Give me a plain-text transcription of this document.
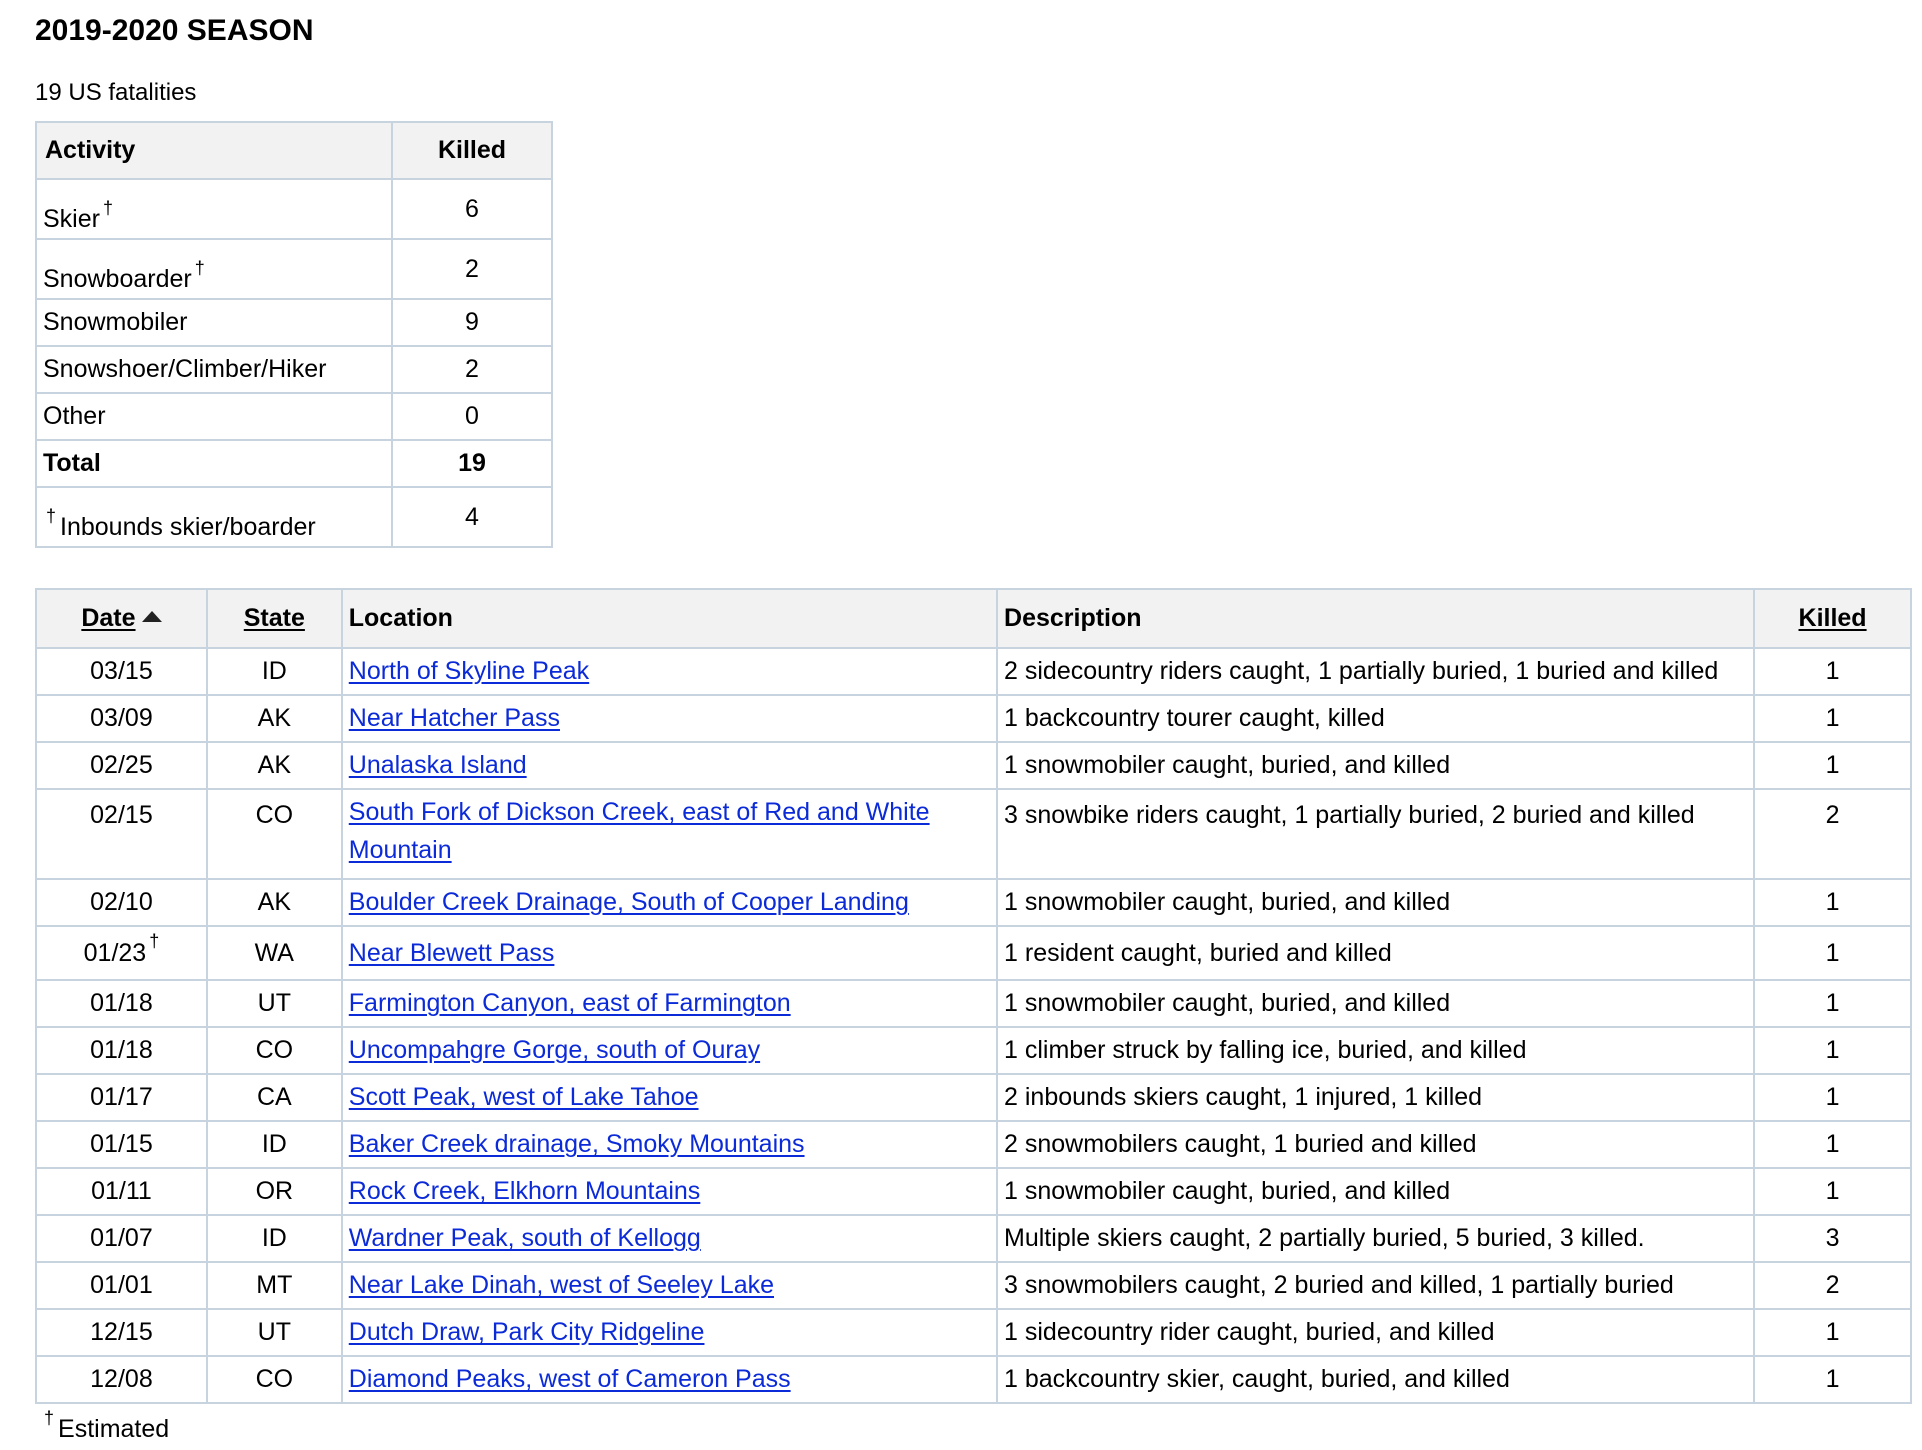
2019-2020 SEASON
19 US fatalities
Activity	Killed
Skier †	6
Snowboarder †	2
Snowmobiler	9
Snowshoer/Climber/Hiker	2
Other	0
Total	19
† Inbounds skier/boarder	4
Date	State	Location	Description	Killed
03/15	ID	North of Skyline Peak	2 sidecountry riders caught, 1 partially buried, 1 buried and killed	1
03/09	AK	Near Hatcher Pass	1 backcountry tourer caught, killed	1
02/25	AK	Unalaska Island	1 snowmobiler caught, buried, and killed	1
02/15	CO	South Fork of Dickson Creek, east of Red and White
Mountain	3 snowbike riders caught, 1 partially buried, 2 buried and killed	2
02/10	AK	Boulder Creek Drainage, South of Cooper Landing	1 snowmobiler caught, buried, and killed	1
01/23 †	WA	Near Blewett Pass	1 resident caught, buried and killed	1
01/18	UT	Farmington Canyon, east of Farmington	1 snowmobiler caught, buried, and killed	1
01/18	CO	Uncompahgre Gorge, south of Ouray	1 climber struck by falling ice, buried, and killed	1
01/17	CA	Scott Peak, west of Lake Tahoe	2 inbounds skiers caught, 1 injured, 1 killed	1
01/15	ID	Baker Creek drainage, Smoky Mountains	2 snowmobilers caught, 1 buried and killed	1
01/11	OR	Rock Creek, Elkhorn Mountains	1 snowmobiler caught, buried, and killed	1
01/07	ID	Wardner Peak, south of Kellogg	Multiple skiers caught, 2 partially buried, 5 buried, 3 killed.	3
01/01	MT	Near Lake Dinah, west of Seeley Lake	3 snowmobilers caught, 2 buried and killed, 1 partially buried	2
12/15	UT	Dutch Draw, Park City Ridgeline	1 sidecountry rider caught, buried, and killed	1
12/08	CO	Diamond Peaks, west of Cameron Pass	1 backcountry skier, caught, buried, and killed	1
† Estimated
